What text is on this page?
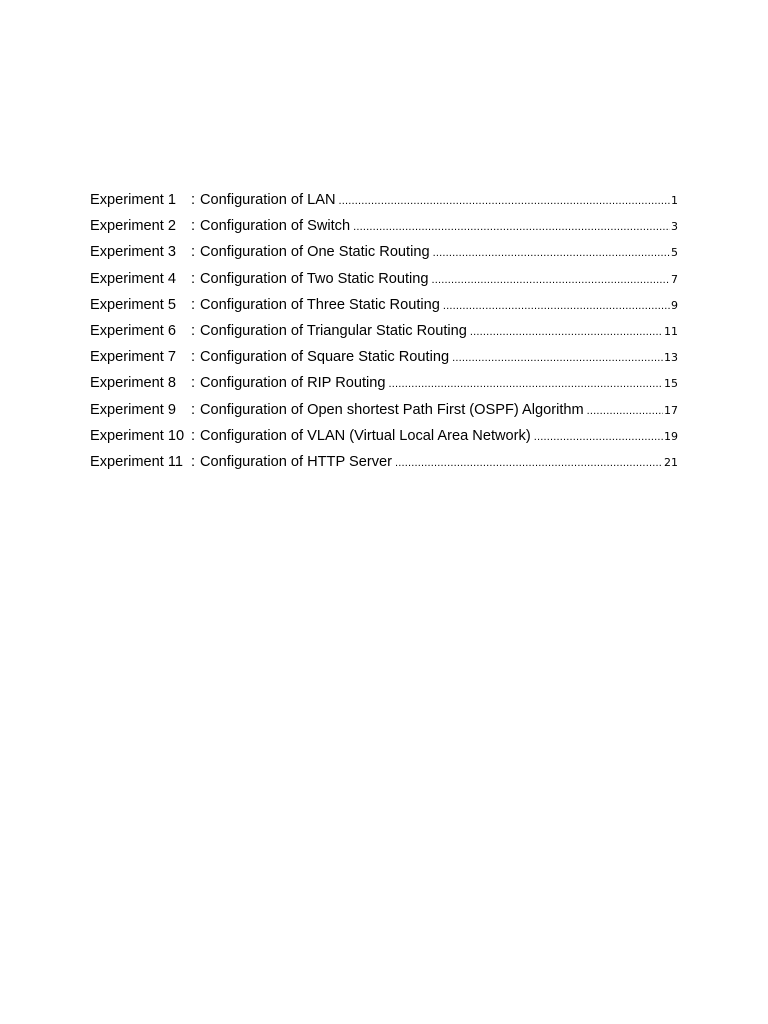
Experiment 1	: Configuration of LAN .....	1
Experiment 2	: Configuration of Switch .....	3
Experiment 3	: Configuration of One Static Routing .....	5
Experiment 4	: Configuration of Two Static Routing .....	7
Experiment 5	: Configuration of Three Static Routing .....	9
Experiment 6	: Configuration of Triangular Static Routing .....	11
Experiment 7	: Configuration of Square Static Routing .....	13
Experiment 8	: Configuration of RIP Routing .....	15
Experiment 9	: Configuration of Open shortest Path First (OSPF) Algorithm .....	17
Experiment 10 : Configuration of VLAN (Virtual Local Area Network) .....	19
Experiment 11 : Configuration of HTTP Server .....	21
